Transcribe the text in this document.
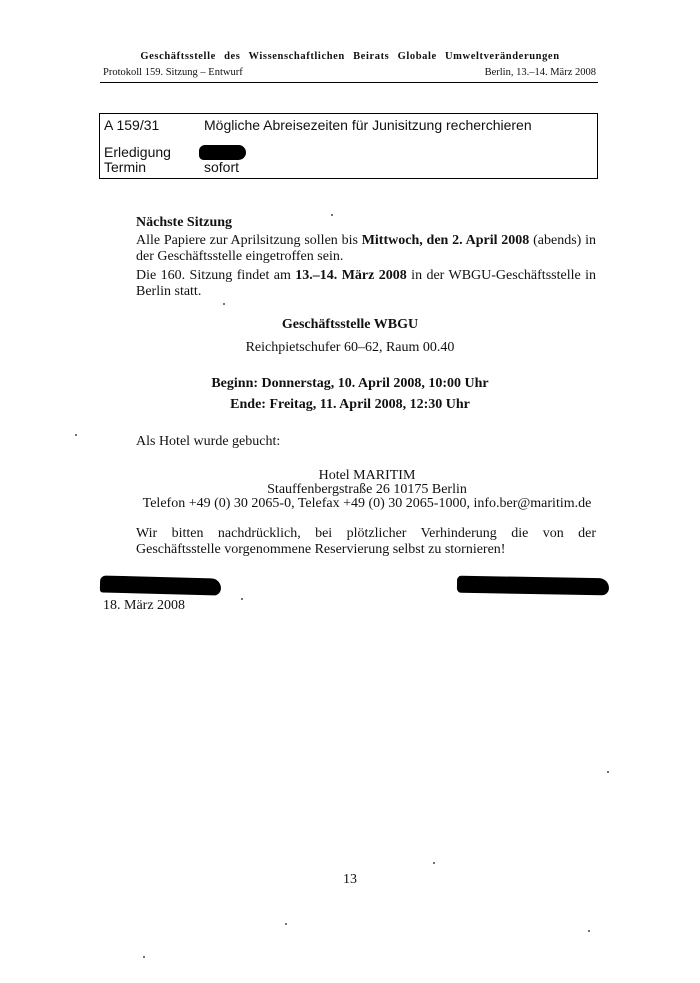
Geschäftsstelle des Wissenschaftlichen Beirats Globale Umweltveränderungen
Protokoll 159. Sitzung – Entwurf	Berlin, 13.–14. März 2008
A 159/31	Mögliche Abreisezeiten für Junisitzung recherchieren
Erledigung
Termin	sofort
Nächste Sitzung
Alle Papiere zur Aprilsitzung sollen bis Mittwoch, den 2. April 2008 (abends) in der Geschäftsstelle eingetroffen sein.
Die 160. Sitzung findet am 13.–14. März 2008 in der WBGU-Geschäftsstelle in Berlin statt.
Geschäftsstelle WBGU
Reichpietschufer 60–62, Raum 00.40
Beginn: Donnerstag, 10. April 2008, 10:00 Uhr
Ende: Freitag, 11. April 2008, 12:30 Uhr
Als Hotel wurde gebucht:
Hotel MARITIM
Stauffenbergstraße 26 10175 Berlin
Telefon +49 (0) 30 2065-0, Telefax +49 (0) 30 2065-1000, info.ber@maritim.de
Wir bitten nachdrücklich, bei plötzlicher Verhinderung die von der Geschäftsstelle vorgenommene Reservierung selbst zu stornieren!
18. März 2008
13
